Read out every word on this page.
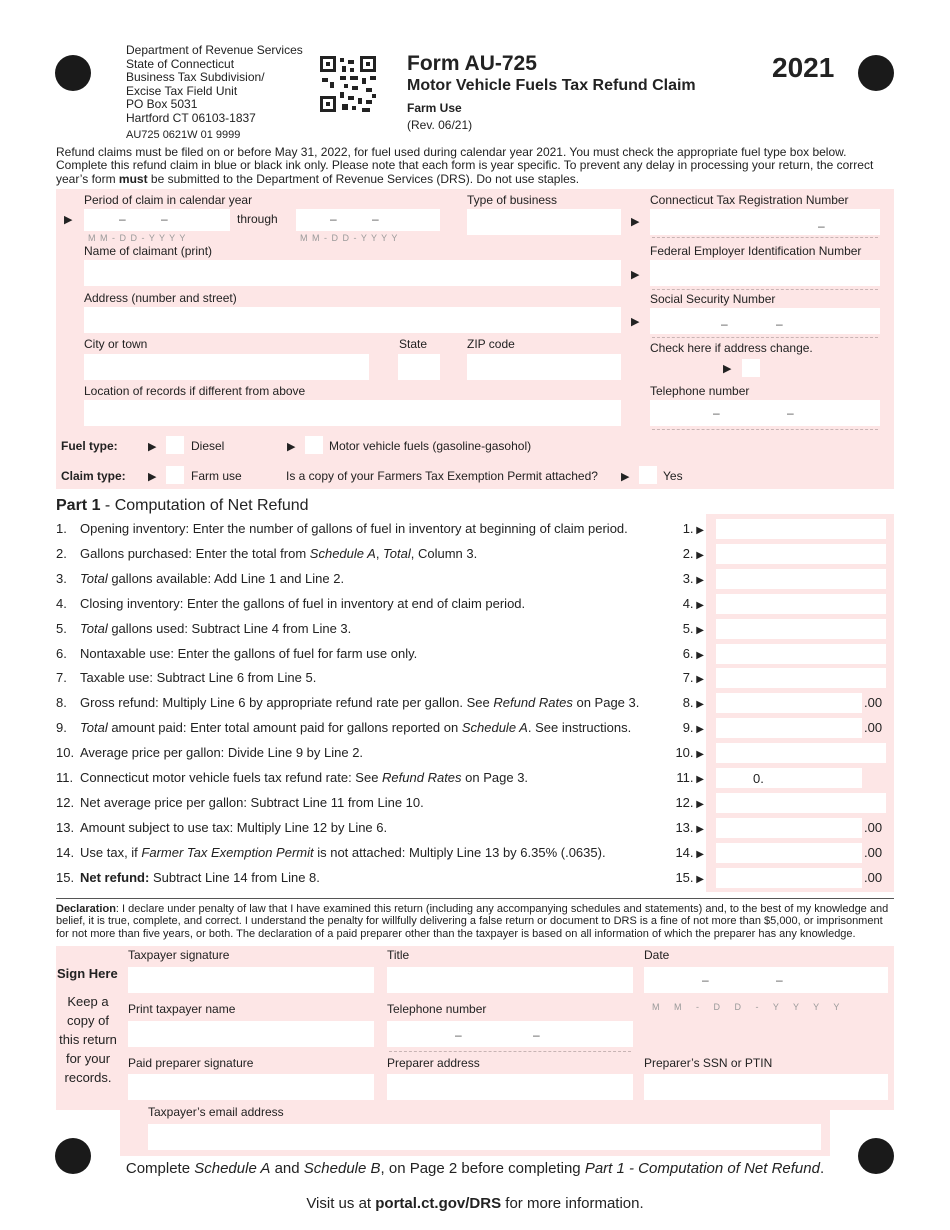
Department of Revenue Services
State of Connecticut
Business Tax Subdivision/
Excise Tax Field Unit
PO Box 5031
Hartford CT 06103-1837
AU725 0621W 01 9999
Form AU-725
Motor Vehicle Fuels Tax Refund Claim
Farm Use
(Rev. 06/21)
2021
Refund claims must be filed on or before May 31, 2022, for fuel used during calendar year 2021. You must check the appropriate fuel type box below. Complete this refund claim in blue or black ink only. Please note that each form is year specific. To prevent any delay in processing your return, the correct year’s form must be submitted to the Department of Revenue Services (DRS). Do not use staples.
▶
Period of claim in calendar year
–	–
M M - D D - Y Y Y Y
through	–	–
M M - D D - Y Y Y Y
Type of business
▶
Connecticut Tax Registration Number
–
Name of claimant (print)
▶
Federal Employer Identification Number
Address (number and street)
▶
Social Security Number
–	–
City or town	State	ZIP code	Check here if address change.
▶
Location of records if different from above	Telephone number
–	–
Fuel type:	▶	Diesel	▶	Motor vehicle fuels (gasoline-gasohol)
Claim type: ▶	Farm use	Is a copy of your Farmers Tax Exemption Permit attached? ▶	Yes
Part 1 - Computation of Net Refund
1. Opening inventory: Enter the number of gallons of fuel in inventory at beginning of claim period.	1. ▶
2. Gallons purchased: Enter the total from Schedule A, Total, Column 3.	2. ▶
3. Total gallons available: Add Line 1 and Line 2.	3. ▶
4. Closing inventory: Enter the gallons of fuel in inventory at end of claim period.	4. ▶
5. Total gallons used: Subtract Line 4 from Line 3.	5. ▶
6. Nontaxable use: Enter the gallons of fuel for farm use only.	6. ▶
7. Taxable use: Subtract Line 6 from Line 5.	7. ▶
8. Gross refund: Multiply Line 6 by appropriate refund rate per gallon. See Refund Rates on Page 3.	8. ▶	.00
9. Total amount paid: Enter total amount paid for gallons reported on Schedule A. See instructions.	9. ▶	.00
10. Average price per gallon: Divide Line 9 by Line 2.	10. ▶
11. Connecticut motor vehicle fuels tax refund rate: See Refund Rates on Page 3.	11. ▶	0.
12. Net average price per gallon: Subtract Line 11 from Line 10.	12. ▶
13. Amount subject to use tax: Multiply Line 12 by Line 6.	13. ▶	.00
14. Use tax, if Farmer Tax Exemption Permit is not attached: Multiply Line 13 by 6.35% (.0635).	14. ▶	.00
15. Net refund: Subtract Line 14 from Line 8.	15. ▶	.00
Declaration: I declare under penalty of law that I have examined this return (including any accompanying schedules and statements) and, to the best of my knowledge and belief, it is true, complete, and correct. I understand the penalty for willfully delivering a false return or document to DRS is a fine of not more than $5,000, or imprisonment for not more than five years, or both. The declaration of a paid preparer other than the taxpayer is based on all information of which the preparer has any knowledge.
Sign Here
Keep a copy of this return for your records.
Taxpayer signature	Title	Date
–	–
M M - D D - Y Y Y Y
Print taxpayer name	Telephone number
–	–
Paid preparer signature	Preparer address	Preparer’s SSN or PTIN
Taxpayer’s email address
Complete Schedule A and Schedule B, on Page 2 before completing Part 1 - Computation of Net Refund.
Visit us at portal.ct.gov/DRS for more information.
